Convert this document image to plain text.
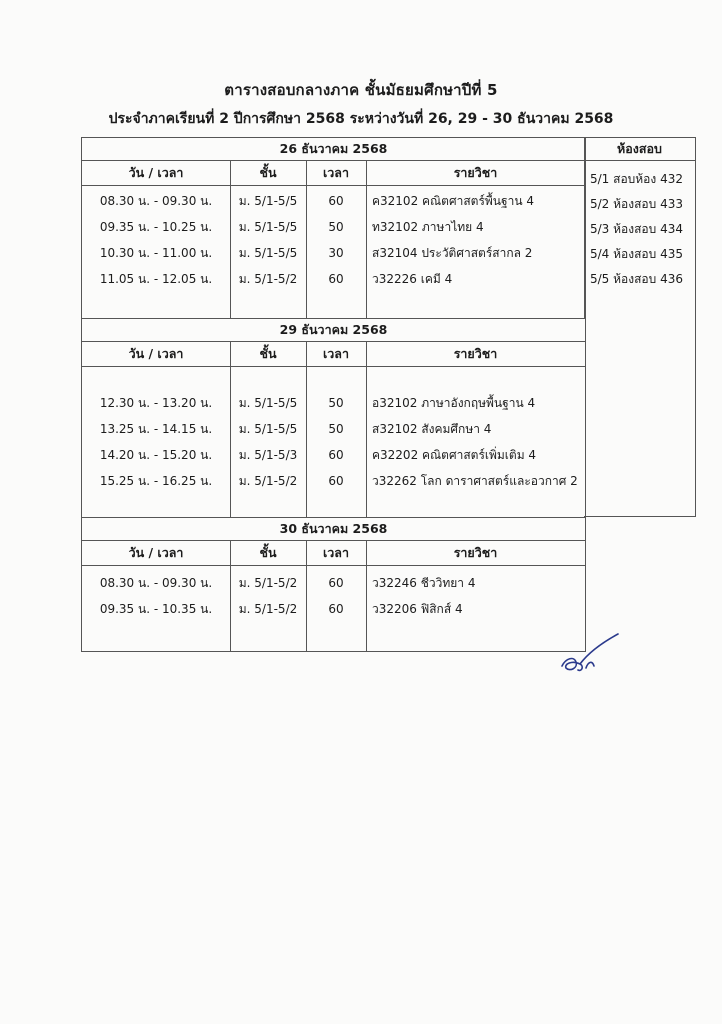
ตารางสอบกลางภาค ชั้นมัธยมศึกษาปีที่ 5
ประจำภาคเรียนที่ 2 ปีการศึกษา 2568 ระหว่างวันที่ 26, 29 - 30 ธันวาคม 2568
26 ธันวาคม 2568
วัน / เวลา	ชั้น	เวลา	รายวิชา
08.30 น. - 09.30 น.	ม. 5/1-5/5	60	ค32102 คณิตศาสตร์พื้นฐาน 4
09.35 น. - 10.25 น.	ม. 5/1-5/5	50	ท32102 ภาษาไทย 4
10.30 น. - 11.00 น.	ม. 5/1-5/5	30	ส32104 ประวัติศาสตร์สากล 2
11.05 น. - 12.05 น.	ม. 5/1-5/2	60	ว32226 เคมี 4
29 ธันวาคม 2568
วัน / เวลา	ชั้น	เวลา	รายวิชา
12.30 น. - 13.20 น.	ม. 5/1-5/5	50	อ32102 ภาษาอังกฤษพื้นฐาน 4
13.25 น. - 14.15 น.	ม. 5/1-5/5	50	ส32102 สังคมศึกษา 4
14.20 น. - 15.20 น.	ม. 5/1-5/3	60	ค32202 คณิตศาสตร์เพิ่มเติม 4
15.25 น. - 16.25 น.	ม. 5/1-5/2	60	ว32262 โลก ดาราศาสตร์และอวกาศ 2
30 ธันวาคม 2568
วัน / เวลา	ชั้น	เวลา	รายวิชา
08.30 น. - 09.30 น.	ม. 5/1-5/2	60	ว32246 ชีววิทยา 4
09.35 น. - 10.35 น.	ม. 5/1-5/2	60	ว32206 ฟิสิกส์ 4
ห้องสอบ
5/1 สอบห้อง 432
5/2 ห้องสอบ 433
5/3 ห้องสอบ 434
5/4 ห้องสอบ 435
5/5 ห้องสอบ 436
